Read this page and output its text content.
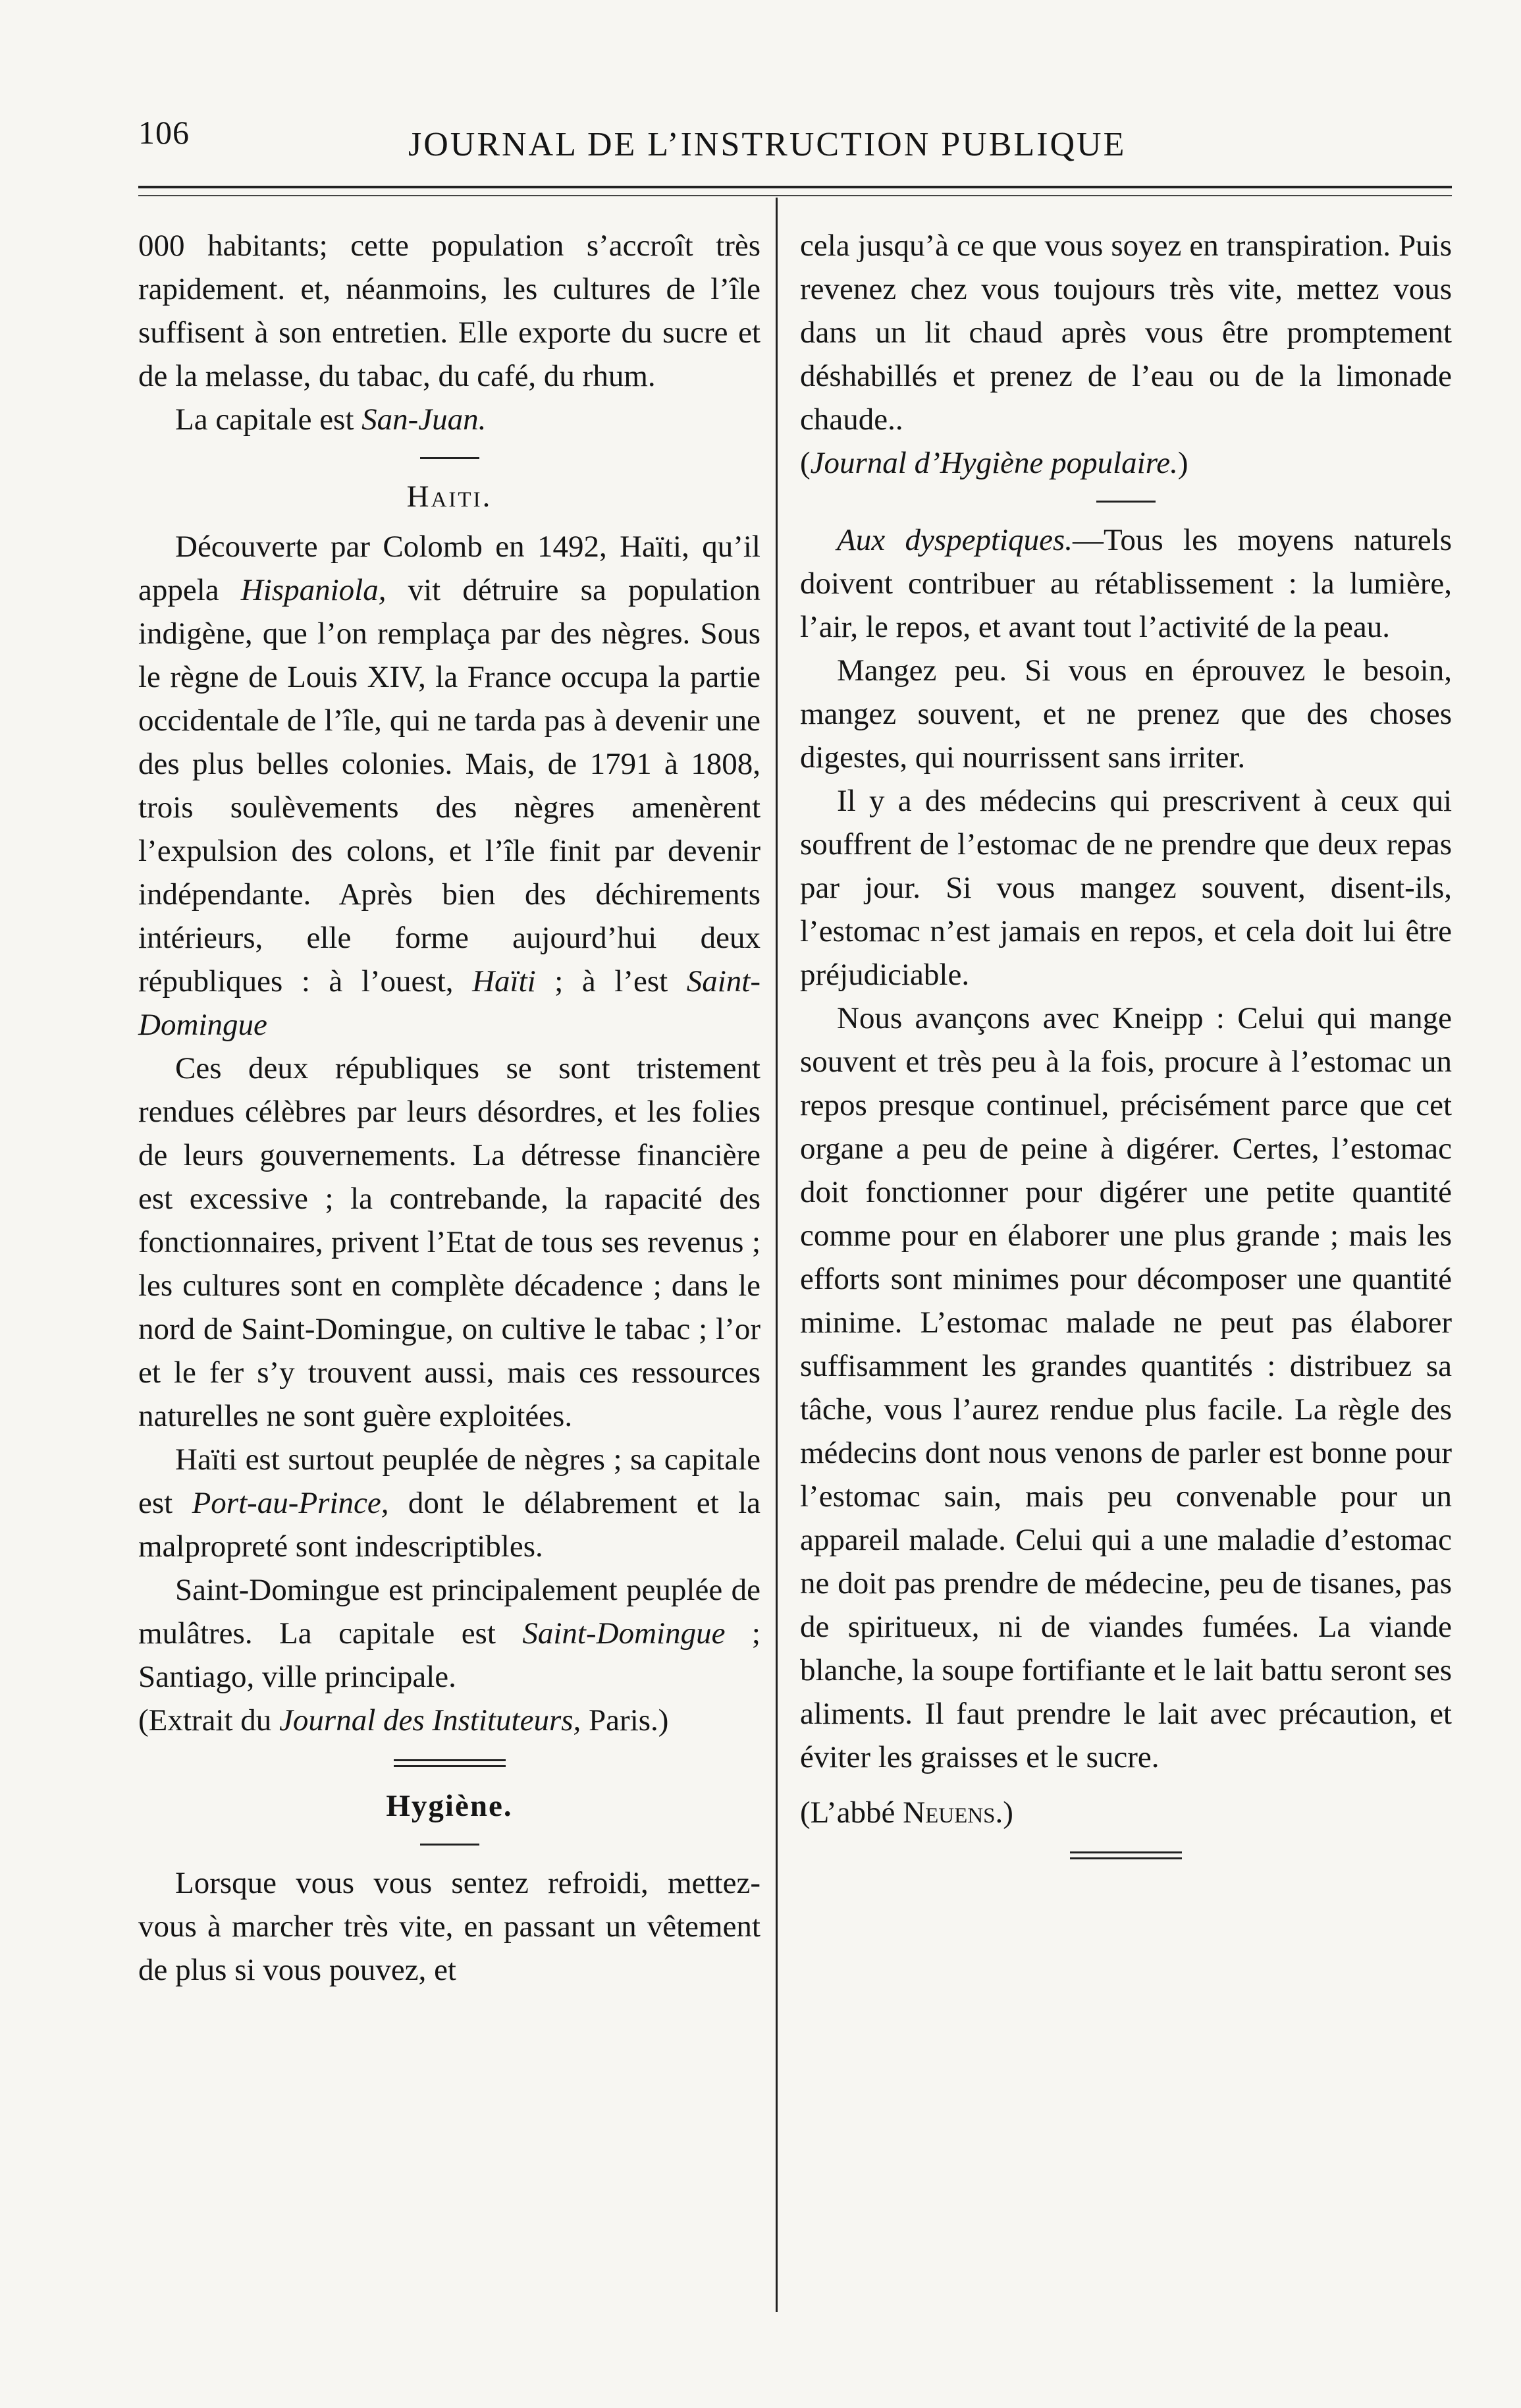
106	JOURNAL DE L’INSTRUCTION PUBLIQUE

000 habitants; cette population s’accroît très rapidement. et, néanmoins, les cultures de l’île suffisent à son entretien. Elle exporte du sucre et de la melasse, du tabac, du café, du rhum.

La capitale est San-Juan.

Haiti.

Découverte par Colomb en 1492, Haïti, qu’il appela Hispaniola, vit détruire sa population indigène, que l’on remplaça par des nègres. Sous le règne de Louis XIV, la France occupa la partie occidentale de l’île, qui ne tarda pas à devenir une des plus belles colonies. Mais, de 1791 à 1808, trois soulèvements des nègres amenèrent l’expulsion des colons, et l’île finit par devenir indépendante. Après bien des déchirements intérieurs, elle forme aujourd’hui deux républiques : à l’ouest, Haïti ; à l’est Saint-Domingue

Ces deux républiques se sont tristement rendues célèbres par leurs désordres, et les folies de leurs gouvernements. La détresse financière est excessive ; la contrebande, la rapacité des fonctionnaires, privent l’Etat de tous ses revenus ; les cultures sont en complète décadence ; dans le nord de Saint-Domingue, on cultive le tabac ; l’or et le fer s’y trouvent aussi, mais ces ressources naturelles ne sont guère exploitées.

Haïti est surtout peuplée de nègres ; sa capitale est Port-au-Prince, dont le délabrement et la malpropreté sont indescriptibles.

Saint-Domingue est principalement peuplée de mulâtres. La capitale est Saint-Domingue ; Santiago, ville principale.

(Extrait du Journal des Instituteurs, Paris.)

Hygiène.

Lorsque vous vous sentez refroidi, mettez-vous à marcher très vite, en passant un vêtement de plus si vous pouvez, et

cela jusqu’à ce que vous soyez en transpiration. Puis revenez chez vous toujours très vite, mettez vous dans un lit chaud après vous être promptement déshabillés et prenez de l’eau ou de la limonade chaude..

(Journal d’Hygiène populaire.)

Aux dyspeptiques.—Tous les moyens naturels doivent contribuer au rétablissement : la lumière, l’air, le repos, et avant tout l’activité de la peau.

Mangez peu. Si vous en éprouvez le besoin, mangez souvent, et ne prenez que des choses digestes, qui nourrissent sans irriter.

Il y a des médecins qui prescrivent à ceux qui souffrent de l’estomac de ne prendre que deux repas par jour. Si vous mangez souvent, disent-ils, l’estomac n’est jamais en repos, et cela doit lui être préjudiciable.

Nous avançons avec Kneipp : Celui qui mange souvent et très peu à la fois, procure à l’estomac un repos presque continuel, précisément parce que cet organe a peu de peine à digérer. Certes, l’estomac doit fonctionner pour digérer une petite quantité comme pour en élaborer une plus grande ; mais les efforts sont minimes pour décomposer une quantité minime. L’estomac malade ne peut pas élaborer suffisamment les grandes quantités : distribuez sa tâche, vous l’aurez rendue plus facile. La règle des médecins dont nous venons de parler est bonne pour l’estomac sain, mais peu convenable pour un appareil malade. Celui qui a une maladie d’estomac ne doit pas prendre de médecine, peu de tisanes, pas de spiritueux, ni de viandes fumées. La viande blanche, la soupe fortifiante et le lait battu seront ses aliments. Il faut prendre le lait avec précaution, et éviter les graisses et le sucre.

(L’abbé Neuens.)
